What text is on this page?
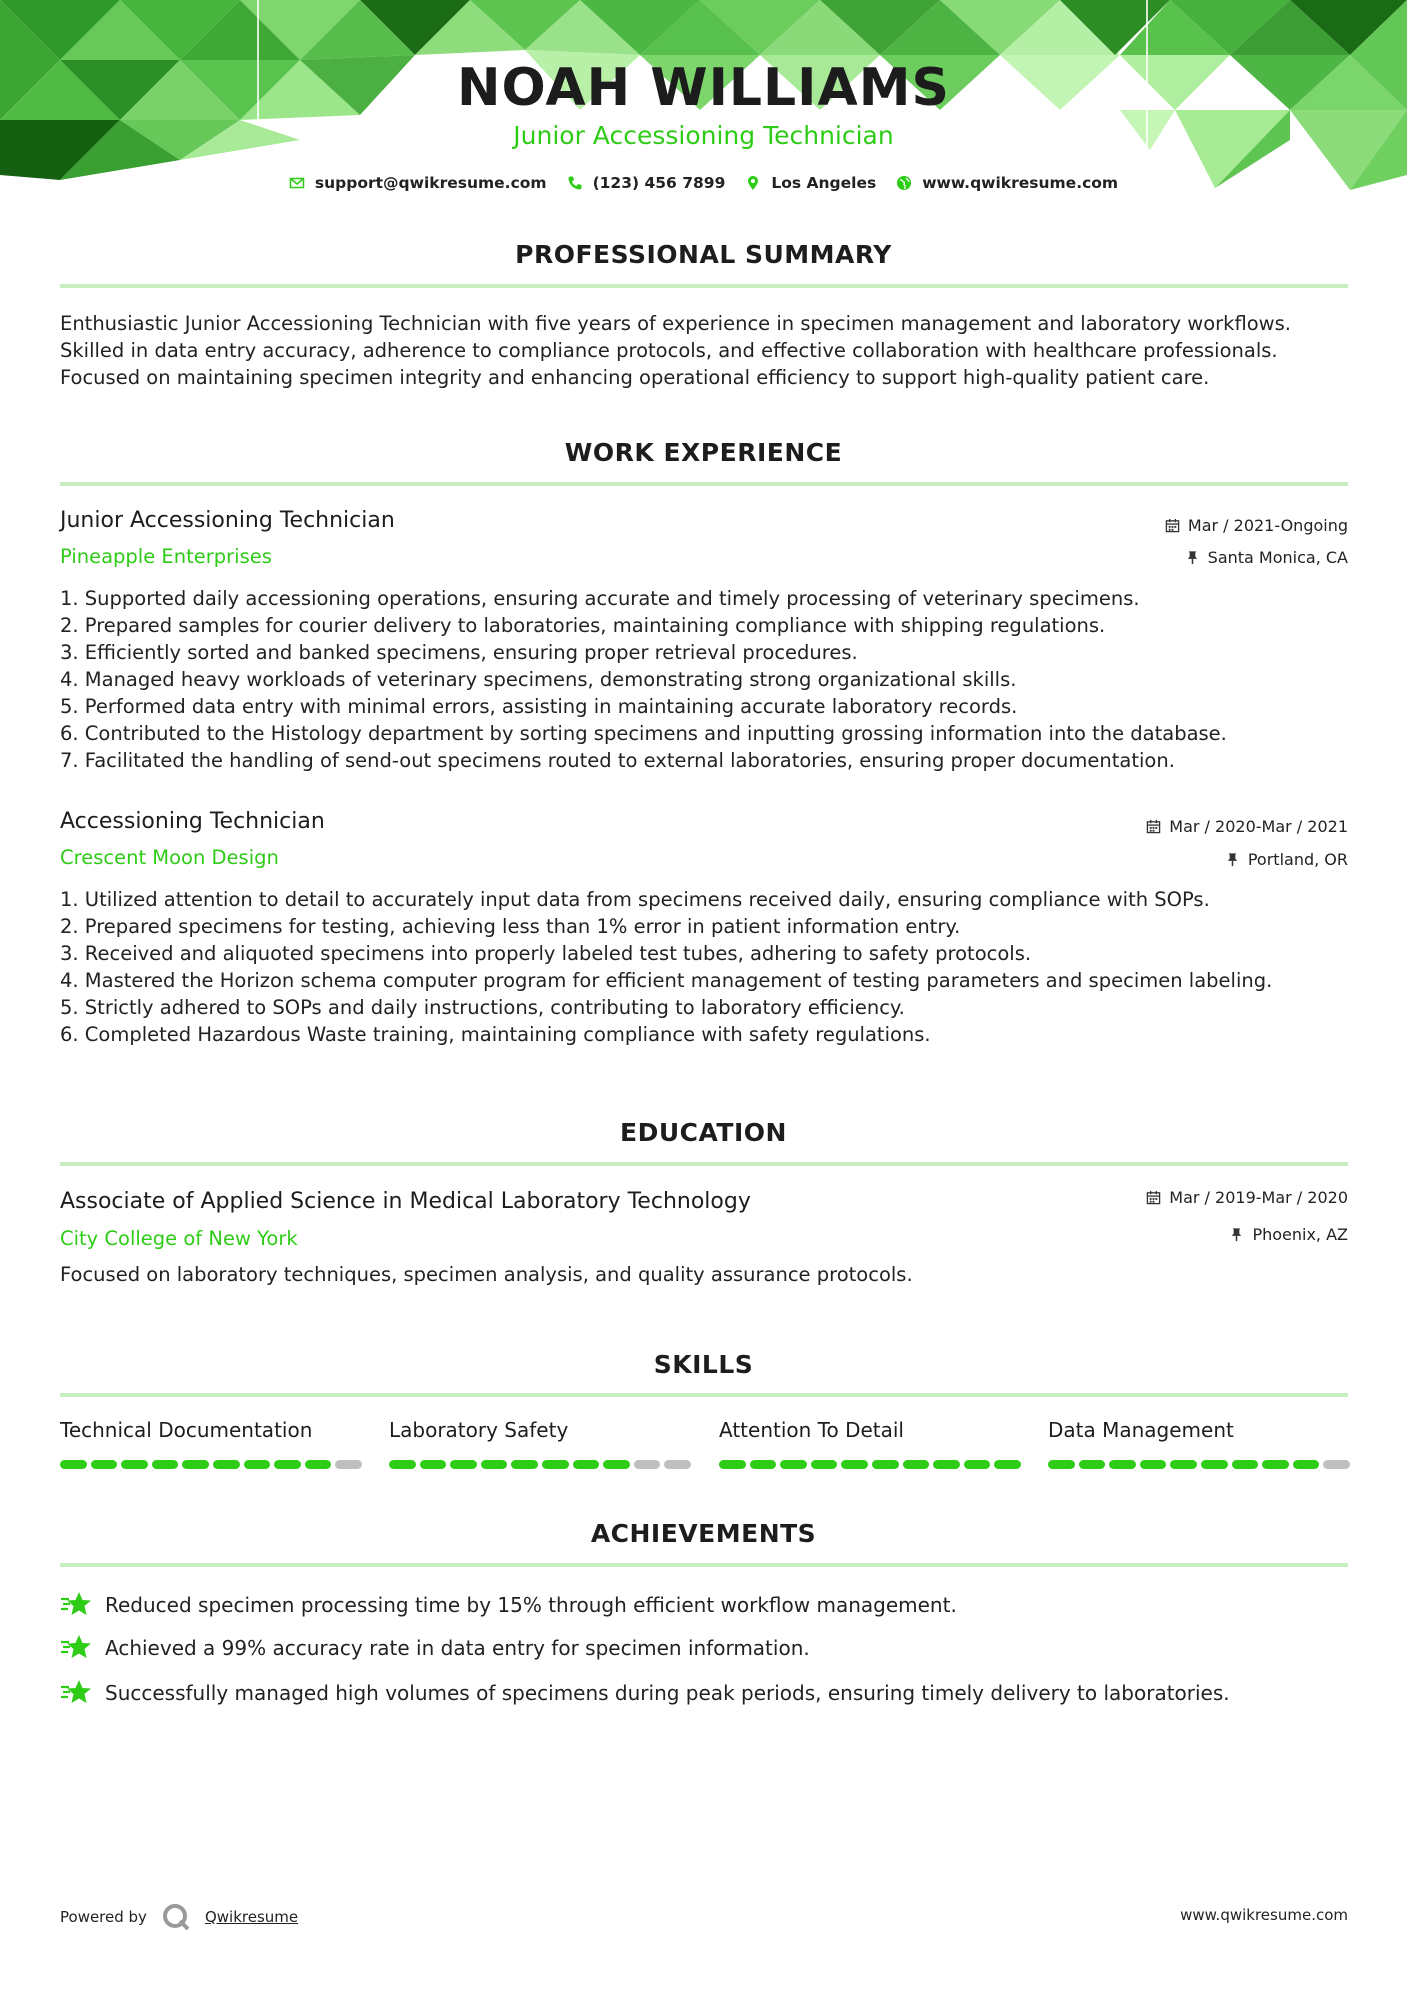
NOAH WILLIAMS
Junior Accessioning Technician
support@qwikresume.com	(123) 456 7899	Los Angeles	www.qwikresume.com
PROFESSIONAL SUMMARY
Enthusiastic Junior Accessioning Technician with five years of experience in specimen management and laboratory workflows.
Skilled in data entry accuracy, adherence to compliance protocols, and effective collaboration with healthcare professionals.
Focused on maintaining specimen integrity and enhancing operational efficiency to support high-quality patient care.
WORK EXPERIENCE
Junior Accessioning Technician
Pineapple Enterprises
Mar / 2021-Ongoing
Santa Monica, CA
1. Supported daily accessioning operations, ensuring accurate and timely processing of veterinary specimens.
2. Prepared samples for courier delivery to laboratories, maintaining compliance with shipping regulations.
3. Efficiently sorted and banked specimens, ensuring proper retrieval procedures.
4. Managed heavy workloads of veterinary specimens, demonstrating strong organizational skills.
5. Performed data entry with minimal errors, assisting in maintaining accurate laboratory records.
6. Contributed to the Histology department by sorting specimens and inputting grossing information into the database.
7. Facilitated the handling of send-out specimens routed to external laboratories, ensuring proper documentation.
Accessioning Technician
Crescent Moon Design
Mar / 2020-Mar / 2021
Portland, OR
1. Utilized attention to detail to accurately input data from specimens received daily, ensuring compliance with SOPs.
2. Prepared specimens for testing, achieving less than 1% error in patient information entry.
3. Received and aliquoted specimens into properly labeled test tubes, adhering to safety protocols.
4. Mastered the Horizon schema computer program for efficient management of testing parameters and specimen labeling.
5. Strictly adhered to SOPs and daily instructions, contributing to laboratory efficiency.
6. Completed Hazardous Waste training, maintaining compliance with safety regulations.
EDUCATION
Associate of Applied Science in Medical Laboratory Technology
City College of New York
Mar / 2019-Mar / 2020
Phoenix, AZ
Focused on laboratory techniques, specimen analysis, and quality assurance protocols.
SKILLS
Technical Documentation	Laboratory Safety	Attention To Detail	Data Management
ACHIEVEMENTS
Reduced specimen processing time by 15% through efficient workflow management.
Achieved a 99% accuracy rate in data entry for specimen information.
Successfully managed high volumes of specimens during peak periods, ensuring timely delivery to laboratories.
Powered by	Qwikresume	www.qwikresume.com
